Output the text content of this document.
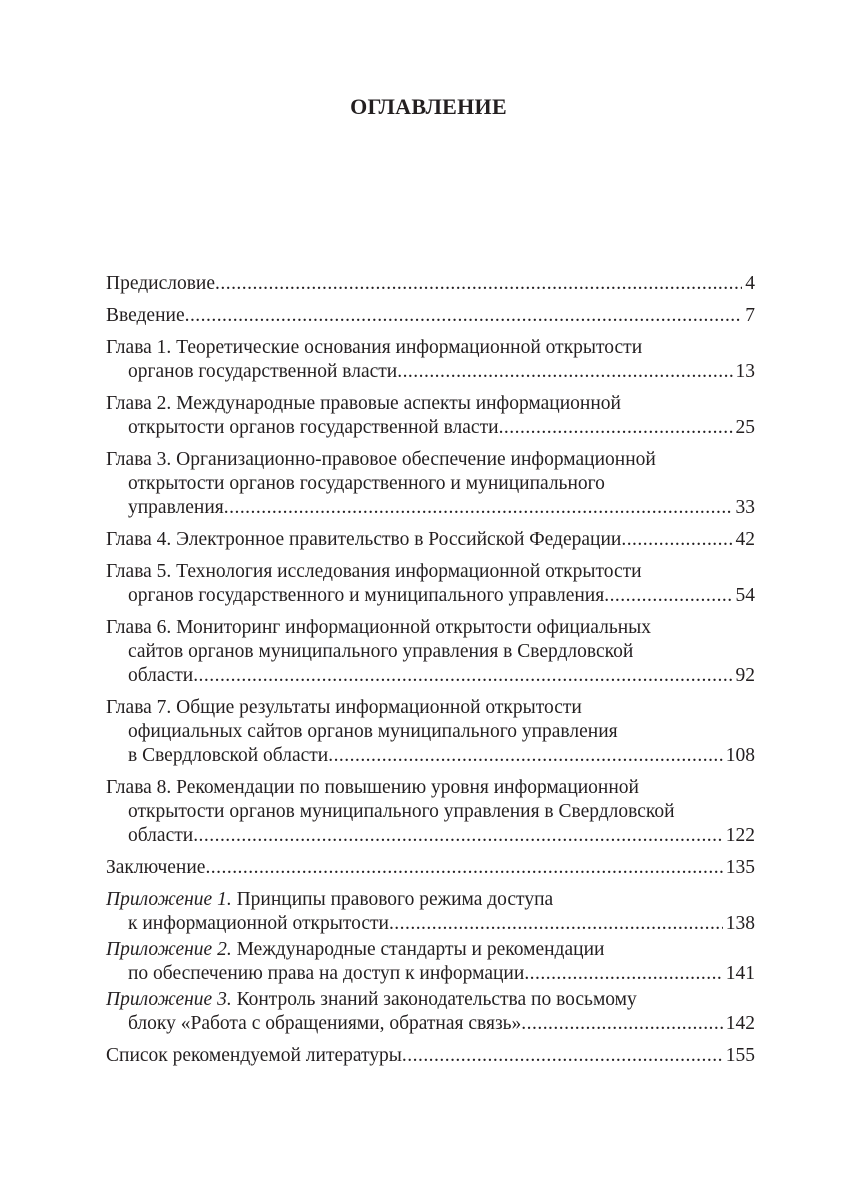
ОГЛАВЛЕНИЕ
Предисловие . . .	4
Введение . . .	7
Глава 1. Теоретические основания информационной открытости
органов государственной власти . . .	13
Глава 2. Международные правовые аспекты информационной
открытости органов государственной власти . . .	25
Глава 3. Организационно-правовое обеспечение информационной
открытости органов государственного и муниципального
управления . . .	33
Глава 4. Электронное правительство в Российской Федерации . . .	42
Глава 5. Технология исследования информационной открытости
органов государственного и муниципального управления . . .	54
Глава 6. Мониторинг информационной открытости официальных
сайтов органов муниципального управления в Свердловской
области . . .	92
Глава 7. Общие результаты информационной открытости
официальных сайтов органов муниципального управления
в Свердловской области . . .	108
Глава 8. Рекомендации по повышению уровня информационной
открытости органов муниципального управления в Свердловской
области . . .	122
Заключение . . .	135
Приложение 1. Принципы правового режима доступа
к информационной открытости . . .	138
Приложение 2. Международные стандарты и рекомендации
по обеспечению права на доступ к информации . . .	141
Приложение 3. Контроль знаний законодательства по восьмому
блоку «Работа с обращениями, обратная связь» . . .	142
Список рекомендуемой литературы . . .	155
